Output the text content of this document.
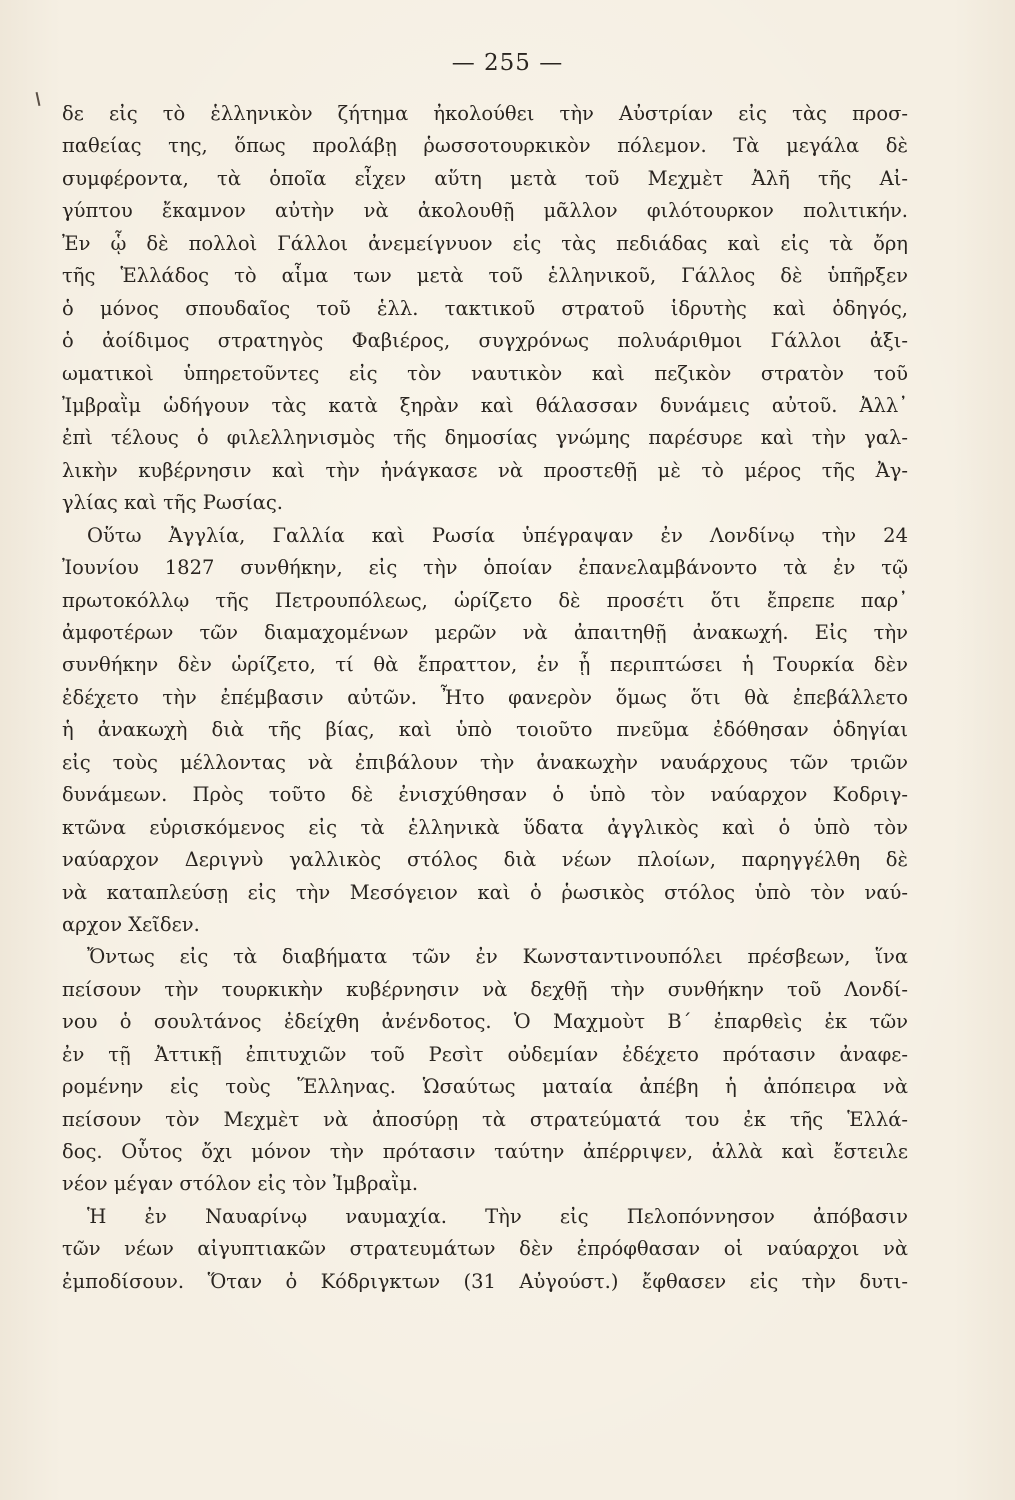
— 255 —
δε εἰς τὸ ἑλληνικὸν ζήτημα ἠκολούθει τὴν Αὐστρίαν εἰς τὰς προσ-
παθείας της, ὅπως προλάβῃ ῥωσσοτουρκικὸν πόλεμον. Τὰ μεγάλα δὲ
συμφέροντα, τὰ ὁποῖα εἶχεν αὕτη μετὰ τοῦ Μεχμὲτ Ἀλῆ τῆς Αἰ-
γύπτου ἔκαμνον αὐτὴν νὰ ἀκολουθῇ μᾶλλον φιλότουρκον πολιτικήν.
Ἐν ᾧ δὲ πολλοὶ Γάλλοι ἀνεμείγνυον εἰς τὰς πεδιάδας καὶ εἰς τὰ ὄρη
τῆς Ἑλλάδος τὸ αἷμα των μετὰ τοῦ ἑλληνικοῦ, Γάλλος δὲ ὑπῆρξεν
ὁ μόνος σπουδαῖος τοῦ ἑλλ. τακτικοῦ στρατοῦ ἱδρυτὴς καὶ ὁδηγός,
ὁ ἀοίδιμος στρατηγὸς Φαβιέρος, συγχρόνως πολυάριθμοι Γάλλοι ἀξι-
ωματικοὶ ὑπηρετοῦντες εἰς τὸν ναυτικὸν καὶ πεζικὸν στρατὸν τοῦ
Ἰμβραῒμ ὡδήγουν τὰς κατὰ ξηρὰν καὶ θάλασσαν δυνάμεις αὐτοῦ. Ἀλλ᾽
ἐπὶ τέλους ὁ φιλελληνισμὸς τῆς δημοσίας γνώμης παρέσυρε καὶ τὴν γαλ-
λικὴν κυβέρνησιν καὶ τὴν ἠνάγκασε νὰ προστεθῇ μὲ τὸ μέρος τῆς Ἀγ-
γλίας καὶ τῆς Ρωσίας.
Οὕτω Ἀγγλία, Γαλλία καὶ Ρωσία ὑπέγραψαν ἐν Λονδίνῳ τὴν 24
Ἰουνίου 1827 συνθήκην, εἰς τὴν ὁποίαν ἐπανελαμβάνοντο τὰ ἐν τῷ
πρωτοκόλλῳ τῆς Πετρουπόλεως, ὡρίζετο δὲ προσέτι ὅτι ἔπρεπε παρ᾽
ἀμφοτέρων τῶν διαμαχομένων μερῶν νὰ ἀπαιτηθῇ ἀνακωχή. Εἰς τὴν
συνθήκην δὲν ὡρίζετο, τί θὰ ἔπραττον, ἐν ᾗ περιπτώσει ἡ Τουρκία δὲν
ἐδέχετο τὴν ἐπέμβασιν αὐτῶν. Ἦτο φανερὸν ὅμως ὅτι θὰ ἐπεβάλλετο
ἡ ἀνακωχὴ διὰ τῆς βίας, καὶ ὑπὸ τοιοῦτο πνεῦμα ἐδόθησαν ὁδηγίαι
εἰς τοὺς μέλλοντας νὰ ἐπιβάλουν τὴν ἀνακωχὴν ναυάρχους τῶν τριῶν
δυνάμεων. Πρὸς τοῦτο δὲ ἐνισχύθησαν ὁ ὑπὸ τὸν ναύαρχον Κοδριγ-
κτῶνα εὑρισκόμενος εἰς τὰ ἑλληνικὰ ὕδατα ἀγγλικὸς καὶ ὁ ὑπὸ τὸν
ναύαρχον Δεριγνὺ γαλλικὸς στόλος διὰ νέων πλοίων, παρηγγέλθη δὲ
νὰ καταπλεύσῃ εἰς τὴν Μεσόγειον καὶ ὁ ῥωσικὸς στόλος ὑπὸ τὸν ναύ-
αρχον Χεῖδεν.
Ὄντως εἰς τὰ διαβήματα τῶν ἐν Κωνσταντινουπόλει πρέσβεων, ἵνα
πείσουν τὴν τουρκικὴν κυβέρνησιν νὰ δεχθῇ τὴν συνθήκην τοῦ Λονδί-
νου ὁ σουλτάνος ἐδείχθη ἀνένδοτος. Ὁ Μαχμοὺτ Β΄ ἐπαρθεὶς ἐκ τῶν
ἐν τῇ Ἀττικῇ ἐπιτυχιῶν τοῦ Ρεσὶτ οὐδεμίαν ἐδέχετο πρότασιν ἀναφε-
ρομένην εἰς τοὺς Ἕλληνας. Ὡσαύτως ματαία ἀπέβη ἡ ἀπόπειρα νὰ
πείσουν τὸν Μεχμὲτ νὰ ἀποσύρῃ τὰ στρατεύματά του ἐκ τῆς Ἑλλά-
δος. Οὗτος ὄχι μόνον τὴν πρότασιν ταύτην ἀπέρριψεν, ἀλλὰ καὶ ἔστειλε
νέον μέγαν στόλον εἰς τὸν Ἰμβραῒμ.
Ἡ ἐν Ναυαρίνῳ ναυμαχία. Τὴν εἰς Πελοπόννησον ἀπόβασιν
τῶν νέων αἰγυπτιακῶν στρατευμάτων δὲν ἐπρόφθασαν οἱ ναύαρχοι νὰ
ἐμποδίσουν. Ὅταν ὁ Κόδριγκτων (31 Αὐγούστ.) ἔφθασεν εἰς τὴν δυτι-
